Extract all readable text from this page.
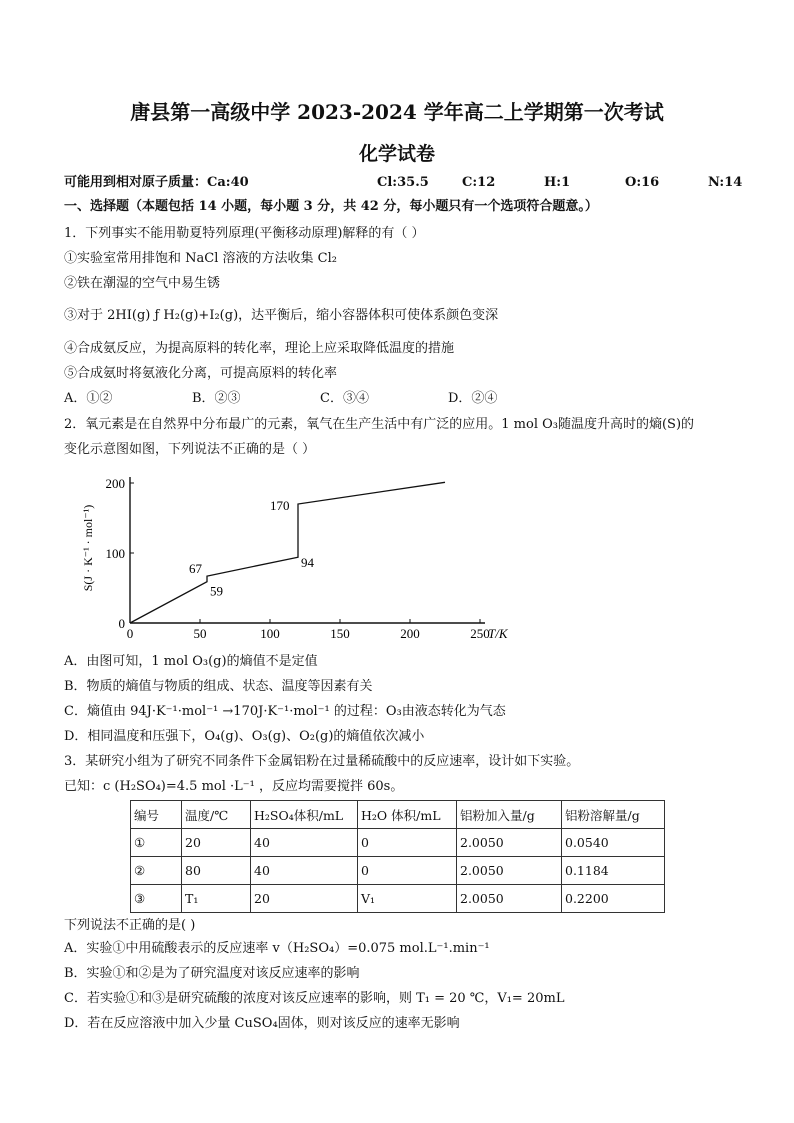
唐县第一高级中学 2023-2024 学年高二上学期第一次考试
化学试卷
可能用到相对原子质量：Ca:40	Cl:35.5	C:12	H:1	O:16	N:14
一、选择题（本题包括 14 小题，每小题 3 分，共 42 分，每小题只有一个选项符合题意。）
1．下列事实不能用勒夏特列原理(平衡移动原理)解释的有（ ）
①实验室常用排饱和 NaCl 溶液的方法收集 Cl₂
②铁在潮湿的空气中易生锈
③对于 2HI(g) ƒ H₂(g)+I₂(g)，达平衡后，缩小容器体积可使体系颜色变深
④合成氨反应，为提高原料的转化率，理论上应采取降低温度的措施
⑤合成氨时将氨液化分离，可提高原料的转化率
A．①②	B．②③	C．③④	D．②④
2．氧元素是在自然界中分布最广的元素，氧气在生产生活中有广泛的应用。1 mol O₃随温度升高时的熵(S)的
变化示意图如图，下列说法不正确的是（ ）
0	50	100	150	200	250
0
100
200
T/K
S(J · K⁻¹ · mol⁻¹)	67
59
94
170
A．由图可知，1 mol O₃(g)的熵值不是定值
B．物质的熵值与物质的组成、状态、温度等因素有关
C．熵值由 94J·K⁻¹·mol⁻¹ →170J·K⁻¹·mol⁻¹ 的过程：O₃由液态转化为气态
D．相同温度和压强下，O₄(g)、O₃(g)、O₂(g)的熵值依次减小
3．某研究小组为了研究不同条件下金属铝粉在过量稀硫酸中的反应速率，设计如下实验。
已知：c (H₂SO₄)=4.5 mol ·L⁻¹ ，反应均需要搅拌 60s。
编号	温度/℃	H₂SO₄体积/mL	H₂O 体积/mL	铝粉加入量/g	铝粉溶解量/g
①	20	40	0	2.0050	0.0540
②	80	40	0	2.0050	0.1184
③	T₁	20	V₁	2.0050	0.2200
下列说法不正确的是( )
A．实验①中用硫酸表示的反应速率 v（H₂SO₄）=0.075 mol.L⁻¹.min⁻¹
B．实验①和②是为了研究温度对该反应速率的影响
C．若实验①和③是研究硫酸的浓度对该反应速率的影响，则 T₁ = 20 ℃，V₁= 20mL
D．若在反应溶液中加入少量 CuSO₄固体，则对该反应的速率无影响
